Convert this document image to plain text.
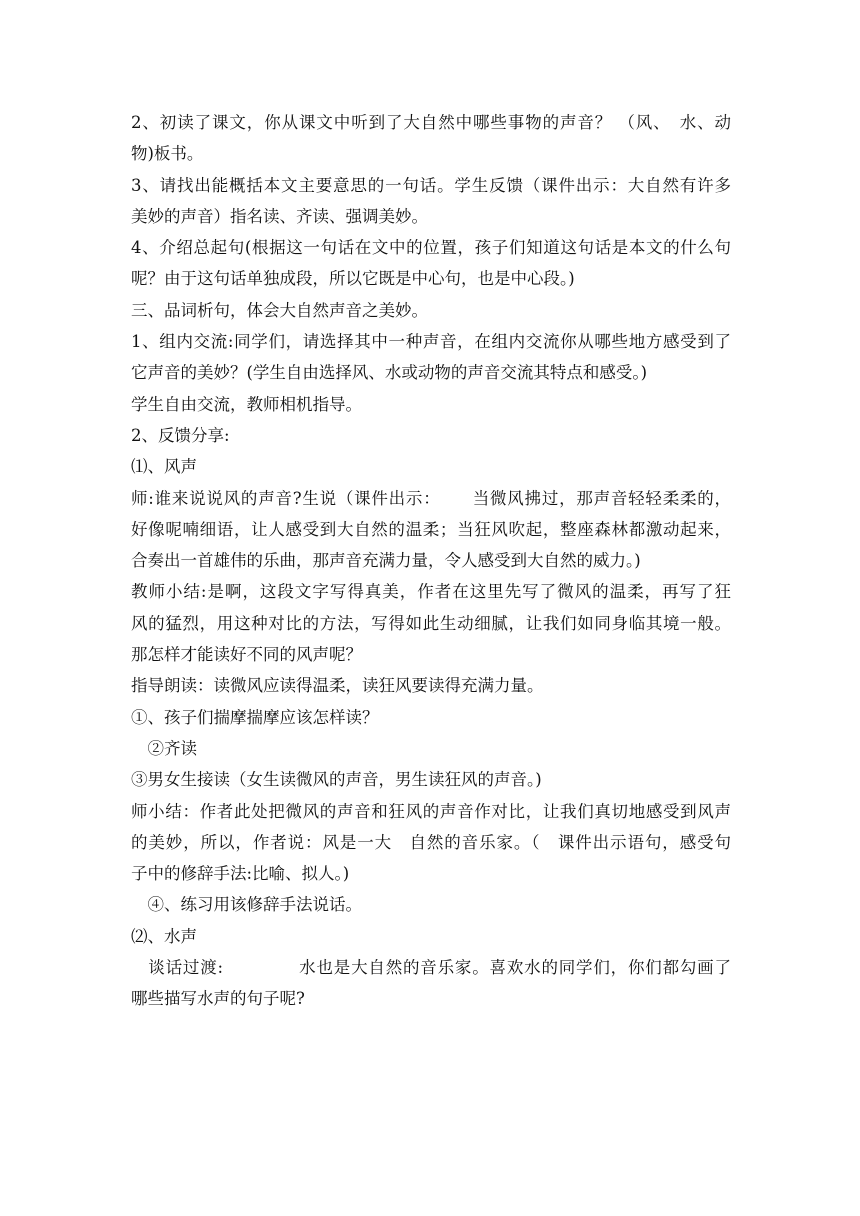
2、初读了课文，你从课文中听到了大自然中哪些事物的声音？ （风、　水、动
物)板书。
3、请找出能概括本文主要意思的一句话。学生反馈（课件出示：大自然有许多
美妙的声音）指名读、齐读、强调美妙。
4、介绍总起句(根据这一句话在文中的位置，孩子们知道这句话是本文的什么句
呢？由于这句话单独成段，所以它既是中心句，也是中心段。)
三、品词析句，体会大自然声音之美妙。
1、组内交流:同学们，请选择其中一种声音，在组内交流你从哪些地方感受到了
它声音的美妙？(学生自由选择风、水或动物的声音交流其特点和感受。)
学生自由交流，教师相机指导。
2、反馈分享:
⑴、风声
师:谁来说说风的声音?生说（课件出示：　　 当微风拂过，那声音轻轻柔柔的，
好像呢喃细语，让人感受到大自然的温柔；当狂风吹起，整座森林都激动起来，
合奏出一首雄伟的乐曲，那声音充满力量，令人感受到大自然的威力。)
教师小结:是啊，这段文字写得真美，作者在这里先写了微风的温柔，再写了狂
风的猛烈，用这种对比的方法，写得如此生动细腻，让我们如同身临其境一般。
那怎样才能读好不同的风声呢？
指导朗读：读微风应读得温柔，读狂风要读得充满力量。
①、孩子们揣摩揣摩应该怎样读？
　②齐读
③男女生接读（女生读微风的声音，男生读狂风的声音。)
师小结：作者此处把微风的声音和狂风的声音作对比，让我们真切地感受到风声
的美妙，所以，作者说：风是一大　自然的音乐家。（　课件出示语句，感受句
子中的修辞手法:比喻、拟人。)
　④、练习用该修辞手法说话。
⑵、水声
　谈话过渡:　　　　 水也是大自然的音乐家。喜欢水的同学们，你们都勾画了
哪些描写水声的句子呢?
